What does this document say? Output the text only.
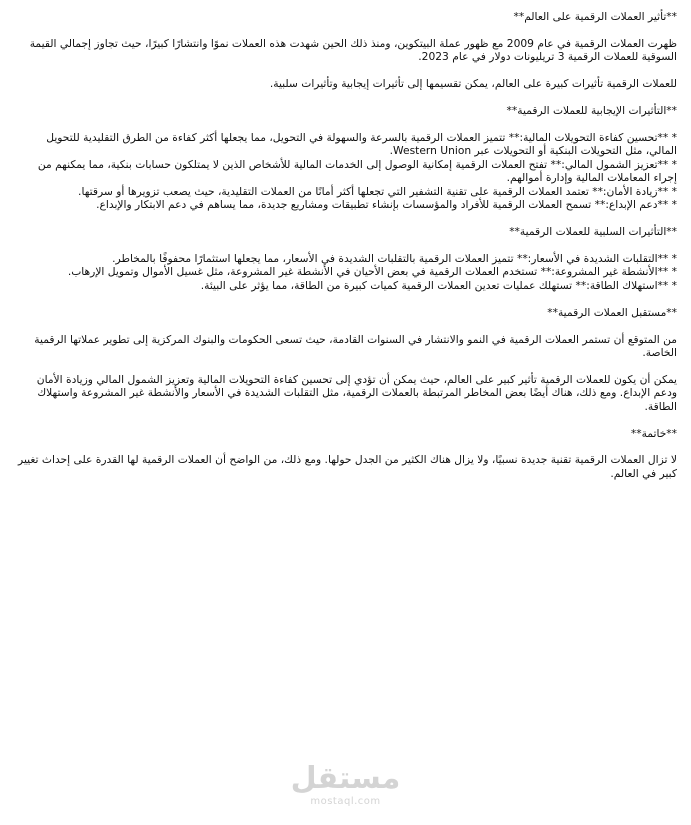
**تأثير العملات الرقمية على العالم**

ظهرت العملات الرقمية في عام 2009 مع ظهور عملة البيتكوين، ومنذ ذلك الحين شهدت هذه العملات نموًا وانتشارًا كبيرًا، حيث تجاوز إجمالي القيمة السوقية للعملات الرقمية 3 تريليونات دولار في عام 2023.

للعملات الرقمية تأثيرات كبيرة على العالم، يمكن تقسيمها إلى تأثيرات إيجابية وتأثيرات سلبية.

**التأثيرات الإيجابية للعملات الرقمية**

* **تحسين كفاءة التحويلات المالية:** تتميز العملات الرقمية بالسرعة والسهولة في التحويل، مما يجعلها أكثر كفاءة من الطرق التقليدية للتحويل المالي، مثل التحويلات البنكية أو التحويلات عبر Western Union.

* **تعزيز الشمول المالي:** تفتح العملات الرقمية إمكانية الوصول إلى الخدمات المالية للأشخاص الذين لا يمتلكون حسابات بنكية، مما يمكنهم من إجراء المعاملات المالية وإدارة أموالهم.

* **زيادة الأمان:** تعتمد العملات الرقمية على تقنية التشفير التي تجعلها أكثر أمانًا من العملات التقليدية، حيث يصعب تزويرها أو سرقتها.

* **دعم الإبداع:** تسمح العملات الرقمية للأفراد والمؤسسات بإنشاء تطبيقات ومشاريع جديدة، مما يساهم في دعم الابتكار والإبداع.

**التأثيرات السلبية للعملات الرقمية**

* **التقلبات الشديدة في الأسعار:** تتميز العملات الرقمية بالتقلبات الشديدة في الأسعار، مما يجعلها استثمارًا محفوفًا بالمخاطر.

* **الأنشطة غير المشروعة:** تستخدم العملات الرقمية في بعض الأحيان في الأنشطة غير المشروعة، مثل غسيل الأموال وتمويل الإرهاب.

* **استهلاك الطاقة:** تستهلك عمليات تعدين العملات الرقمية كميات كبيرة من الطاقة، مما يؤثر على البيئة.

**مستقبل العملات الرقمية**

من المتوقع أن تستمر العملات الرقمية في النمو والانتشار في السنوات القادمة، حيث تسعى الحكومات والبنوك المركزية إلى تطوير عملاتها الرقمية الخاصة.

يمكن أن يكون للعملات الرقمية تأثير كبير على العالم، حيث يمكن أن تؤدي إلى تحسين كفاءة التحويلات المالية وتعزيز الشمول المالي وزيادة الأمان ودعم الإبداع. ومع ذلك، هناك أيضًا بعض المخاطر المرتبطة بالعملات الرقمية، مثل التقلبات الشديدة في الأسعار والأنشطة غير المشروعة واستهلاك الطاقة.

**خاتمة**

لا تزال العملات الرقمية تقنية جديدة نسبيًا، ولا يزال هناك الكثير من الجدل حولها. ومع ذلك، من الواضح أن العملات الرقمية لها القدرة على إحداث تغيير كبير في العالم.

مستقل
mostaql.com
